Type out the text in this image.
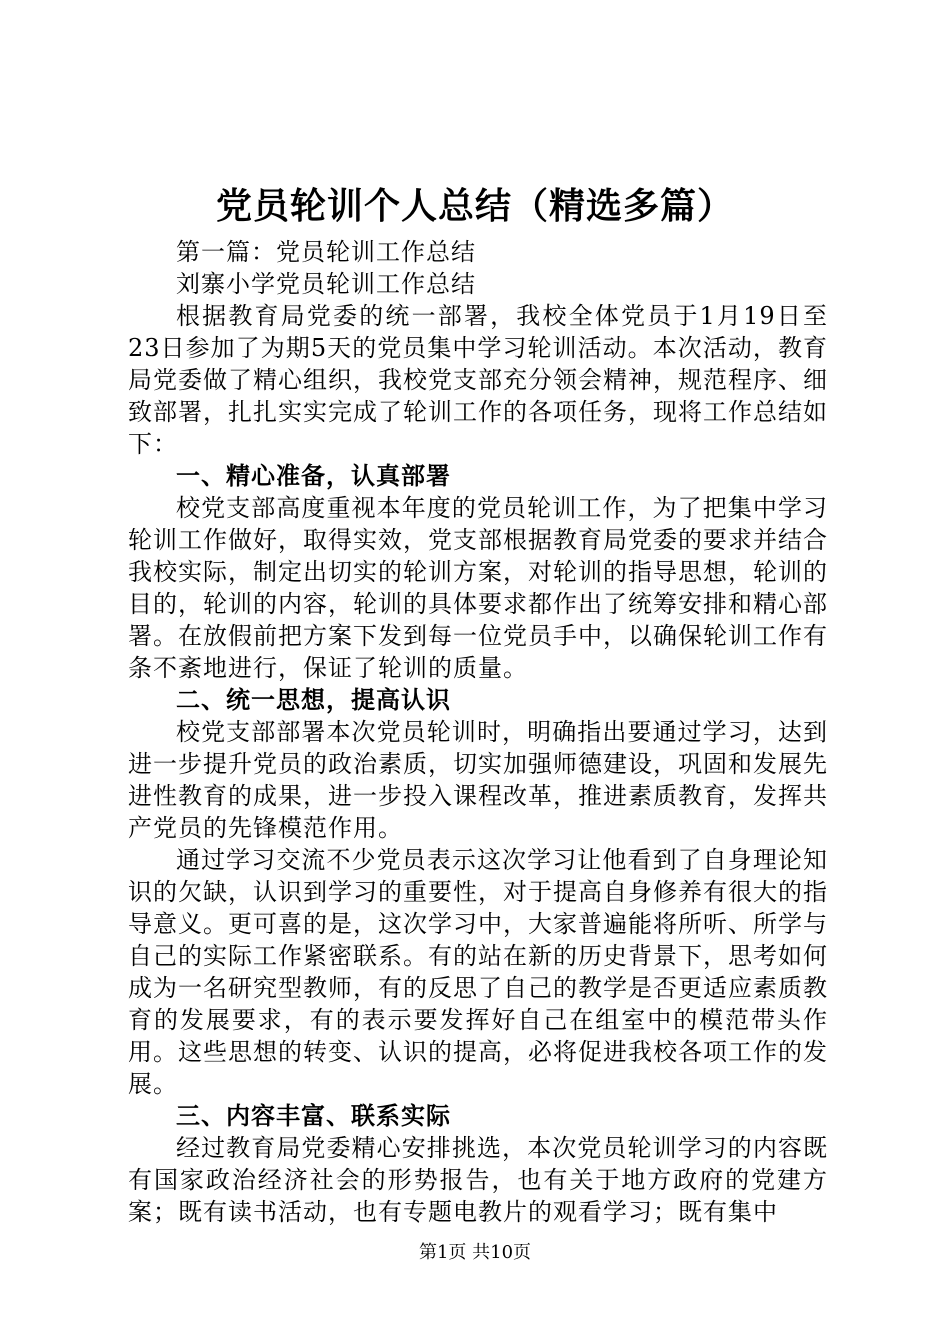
党员轮训个人总结（精选多篇）

第一篇：党员轮训工作总结

刘寨小学党员轮训工作总结

根据教育局党委的统一部署，我校全体党员于1月19日至23日参加了为期5天的党员集中学习轮训活动。本次活动，教育局党委做了精心组织，我校党支部充分领会精神，规范程序、细致部署，扎扎实实完成了轮训工作的各项任务，现将工作总结如下：

一、精心准备，认真部署

校党支部高度重视本年度的党员轮训工作，为了把集中学习轮训工作做好，取得实效，党支部根据教育局党委的要求并结合我校实际，制定出切实的轮训方案，对轮训的指导思想，轮训的目的，轮训的内容，轮训的具体要求都作出了统筹安排和精心部署。在放假前把方案下发到每一位党员手中，以确保轮训工作有条不紊地进行，保证了轮训的质量。

二、统一思想，提高认识

校党支部部署本次党员轮训时，明确指出要通过学习，达到进一步提升党员的政治素质，切实加强师德建设，巩固和发展先进性教育的成果，进一步投入课程改革，推进素质教育，发挥共产党员的先锋模范作用。

通过学习交流不少党员表示这次学习让他看到了自身理论知识的欠缺，认识到学习的重要性，对于提高自身修养有很大的指导意义。更可喜的是，这次学习中，大家普遍能将所听、所学与自己的实际工作紧密联系。有的站在新的历史背景下，思考如何成为一名研究型教师，有的反思了自己的教学是否更适应素质教育的发展要求，有的表示要发挥好自己在组室中的模范带头作用。这些思想的转变、认识的提高，必将促进我校各项工作的发展。

三、内容丰富、联系实际

经过教育局党委精心安排挑选，本次党员轮训学习的内容既有国家政治经济社会的形势报告，也有关于地方政府的党建方案；既有读书活动，也有专题电教片的观看学习；既有集中

第1页 共10页
